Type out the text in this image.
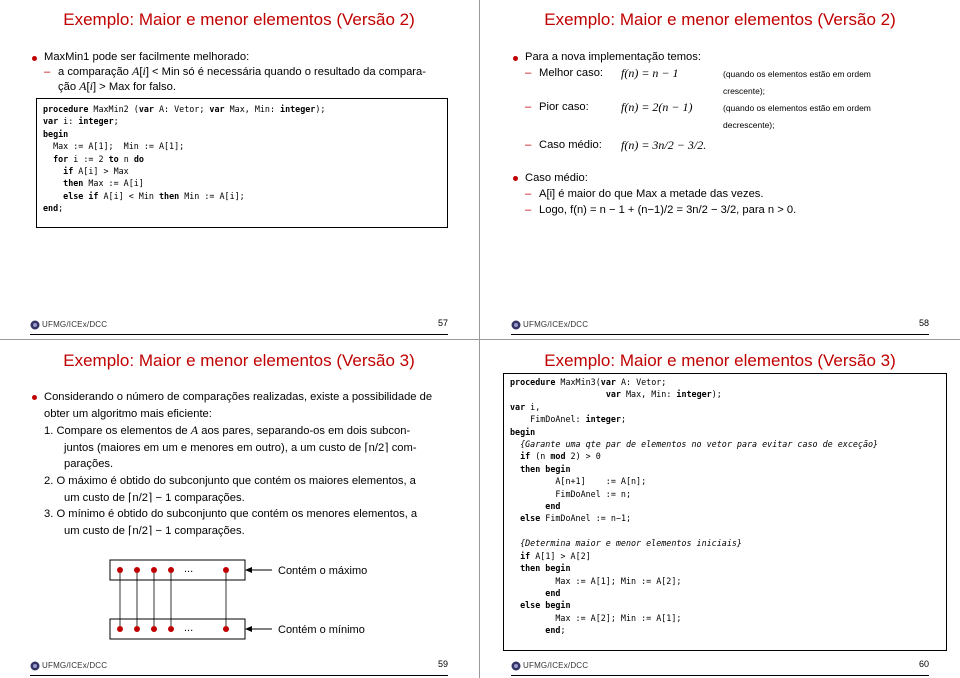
Exemplo: Maior e menor elementos (Versão 2)
MaxMin1 pode ser facilmente melhorado:
– a comparação A[i] < Min só é necessária quando o resultado da compara-
ção A[i] > Max for falso.
procedure MaxMin2 (var A: Vetor; var Max, Min: integer);
var i: integer;
begin
Max := A[1];  Min := A[1];
for i := 2 to n do
if A[i] > Max
then Max := A[i]
else if A[i] < Min then Min := A[i];
end;
UFMG/ICEx/DCC	57
Exemplo: Maior e menor elementos (Versão 2)
Para a nova implementação temos:
– Melhor caso:	f(n) = n − 1	(quando os elementos estão em ordem crescente);
– Pior caso:	f(n) = 2(n − 1)	(quando os elementos estão em ordem decrescente);
– Caso médio:	f(n) = 3n/2 − 3/2.
Caso médio:
– A[i] é maior do que Max a metade das vezes.
– Logo, f(n) = n − 1 + (n−1)/2 = 3n/2 − 3/2, para n > 0.
UFMG/ICEx/DCC	58
Exemplo: Maior e menor elementos (Versão 3)
Considerando o número de comparações realizadas, existe a possibilidade de obter um algoritmo mais eficiente:
1. Compare os elementos de A aos pares, separando-os em dois subcon-
juntos (maiores em um e menores em outro), a um custo de ⌈n/2⌉ com-
parações.
2. O máximo é obtido do subconjunto que contém os maiores elementos, a
um custo de ⌈n/2⌉ − 1 comparações.
3. O mínimo é obtido do subconjunto que contém os menores elementos, a
um custo de ⌈n/2⌉ − 1 comparações.
...
...
Contém o máximo
Contém o mínimo
UFMG/ICEx/DCC	59
Exemplo: Maior e menor elementos (Versão 3)
procedure MaxMin3(var A: Vetor;
var Max, Min: integer);
var i,
FimDoAnel: integer;
begin
{Garante uma qte par de elementos no vetor para evitar caso de exceção}
if (n mod 2) > 0
then begin
A[n+1]    := A[n];
FimDoAnel := n;
end
else FimDoAnel := n−1;

{Determina maior e menor elementos iniciais}
if A[1] > A[2]
then begin
Max := A[1]; Min := A[2];
end
else begin
Max := A[2]; Min := A[1];
end;
UFMG/ICEx/DCC	60
